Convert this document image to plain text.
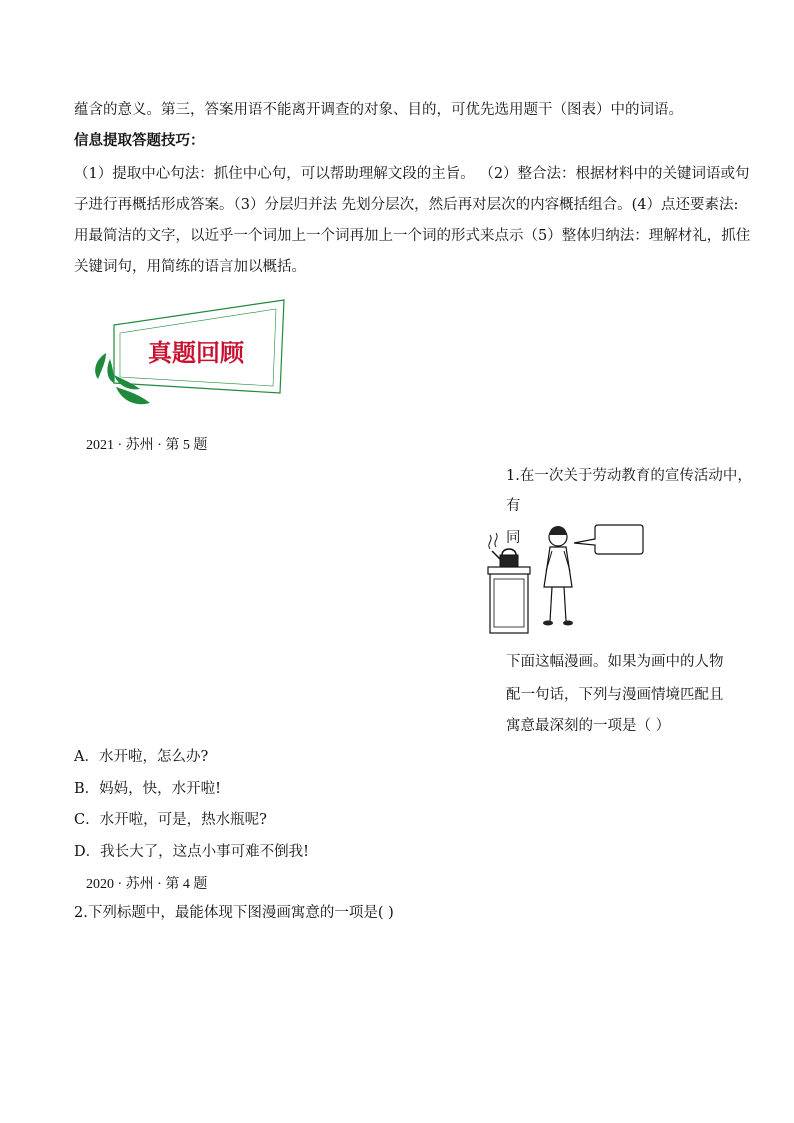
蕴含的意义。第三，答案用语不能离开调查的对象、目的，可优先选用题干（图表）中的词语。
信息提取答题技巧：
（1）提取中心句法：抓住中心句，可以帮助理解文段的主旨。 （2）整合法：根据材料中的关键词语或句
子进行再概括形成答案。（3）分层归并法 先划分层次，然后再对层次的内容概括组合。(4）点还要素法:
用最简洁的文字，以近乎一个词加上一个词再加上一个词的形式来点示（5）整体归纳法：理解材礼，抓住
关键词句，用简练的语言加以概括。
真题回顾
2021 · 苏州 · 第 5 题
1.在一次关于劳动教育的宣传活动中，
有
同
下面这幅漫画。如果为画中的人物
配一句话，下列与漫画情境匹配且
寓意最深刻的一项是（ ）
A．水开啦，怎么办?
B．妈妈，快，水开啦!
C．水开啦，可是，热水瓶呢?
D．我长大了，这点小事可难不倒我!
2020 · 苏州 · 第 4 题
2.下列标题中，最能体现下图漫画寓意的一项是( )
